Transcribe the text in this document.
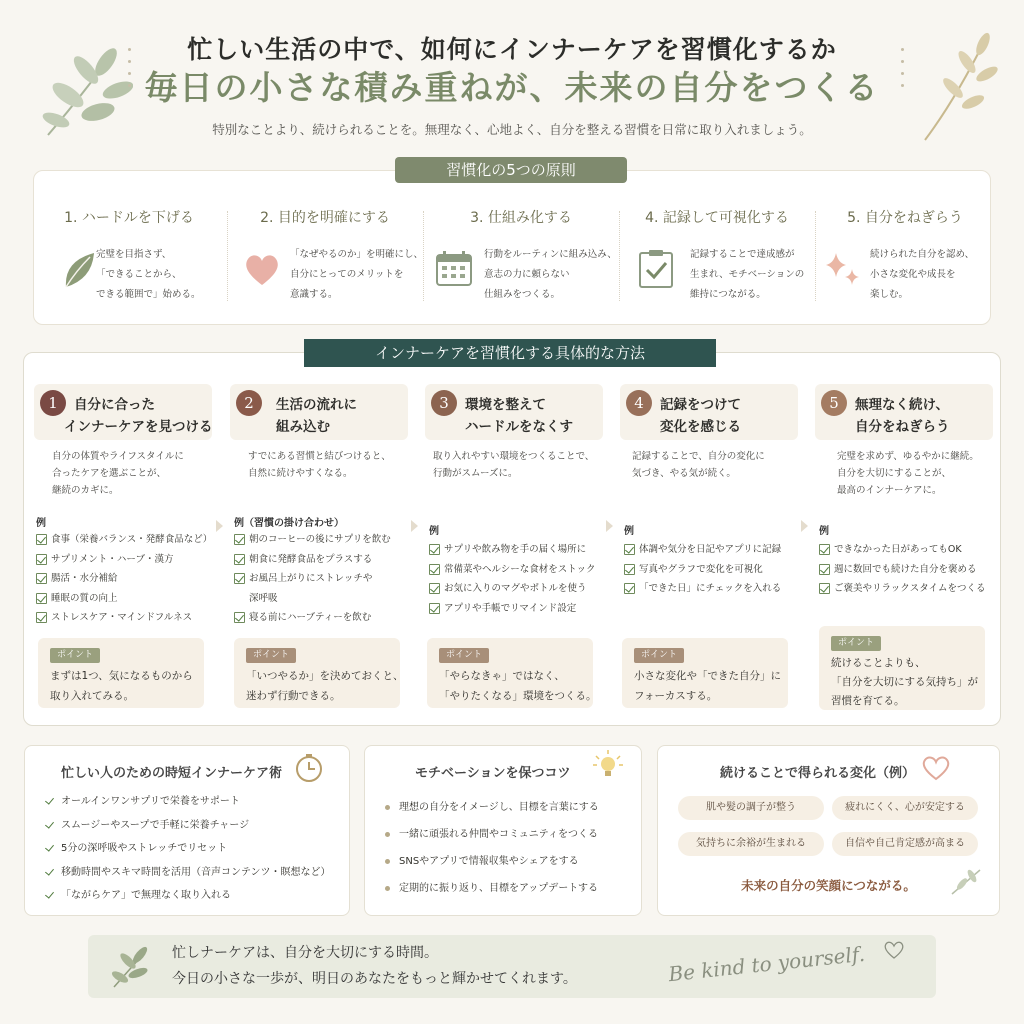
忙しい生活の中で、如何にインナーケアを習慣化するか
毎日の小さな積み重ねが、未来の自分をつくる
特別なことより、続けられることを。無理なく、心地よく、自分を整える習慣を日常に取り入れましょう。
1. ハードルを下げる
完璧を目指さず、
「できることから、
できる範囲で」始める。
2. 目的を明確にする
「なぜやるのか」を明確にし、
自分にとってのメリットを
意識する。
3. 仕組み化する
行動をルーティンに組み込み、
意志の力に頼らない
仕組みをつくる。
4. 記録して可視化する
記録することで達成感が
生まれ、モチベーションの
維持につながる。
5. 自分をねぎらう
続けられた自分を認め、
小さな変化や成長を
楽しむ。
習慣化の5つの原則
インナーケアを習慣化する具体的な方法
1	自分に合った
インナーケアを見つける
自分の体質やライフスタイルに
合ったケアを選ぶことが、
継続のカギに。
例
食事（栄養バランス・発酵食品など）
サプリメント・ハーブ・漢方
腸活・水分補給
睡眠の質の向上
ストレスケア・マインドフルネス
ポイント
まずは1つ、気になるものから
取り入れてみる。
2	生活の流れに
組み込む
すでにある習慣と結びつけると、
自然に続けやすくなる。
例（習慣の掛け合わせ）
朝のコーヒーの後にサプリを飲む
朝食に発酵食品をプラスする
お風呂上がりにストレッチや
深呼吸
寝る前にハーブティーを飲む
ポイント
「いつやるか」を決めておくと、
迷わず行動できる。
3	環境を整えて
ハードルをなくす
取り入れやすい環境をつくることで、
行動がスムーズに。
例
サプリや飲み物を手の届く場所に
常備菜やヘルシーな食材をストック
お気に入りのマグやボトルを使う
アプリや手帳でリマインド設定
ポイント
「やらなきゃ」ではなく、
「やりたくなる」環境をつくる。
4	記録をつけて
変化を感じる
記録することで、自分の変化に
気づき、やる気が続く。
例
体調や気分を日記やアプリに記録
写真やグラフで変化を可視化
「できた日」にチェックを入れる
ポイント
小さな変化や「できた自分」に
フォーカスする。
5	無理なく続け、
自分をねぎらう
完璧を求めず、ゆるやかに継続。
自分を大切にすることが、
最高のインナーケアに。
例
できなかった日があってもOK
週に数回でも続けた自分を褒める
ご褒美やリラックスタイムをつくる
ポイント
続けることよりも、
「自分を大切にする気持ち」が
習慣を育てる。
忙しい人のための時短インナーケア術
オールインワンサプリで栄養をサポート
スムージーやスープで手軽に栄養チャージ
5分の深呼吸やストレッチでリセット
移動時間やスキマ時間を活用（音声コンテンツ・瞑想など）
「ながらケア」で無理なく取り入れる
モチベーションを保つコツ
理想の自分をイメージし、目標を言葉にする
一緒に頑張れる仲間やコミュニティをつくる
SNSやアプリで情報収集やシェアをする
定期的に振り返り、目標をアップデートする
続けることで得られる変化（例）
肌や髪の調子が整う	疲れにくく、心が安定する
気持ちに余裕が生まれる	自信や自己肯定感が高まる
未来の自分の笑顔につながる。
忙しナーケアは、自分を大切にする時間。
今日の小さな一歩が、明日のあなたをもっと輝かせてくれます。	Be kind to yourself.
